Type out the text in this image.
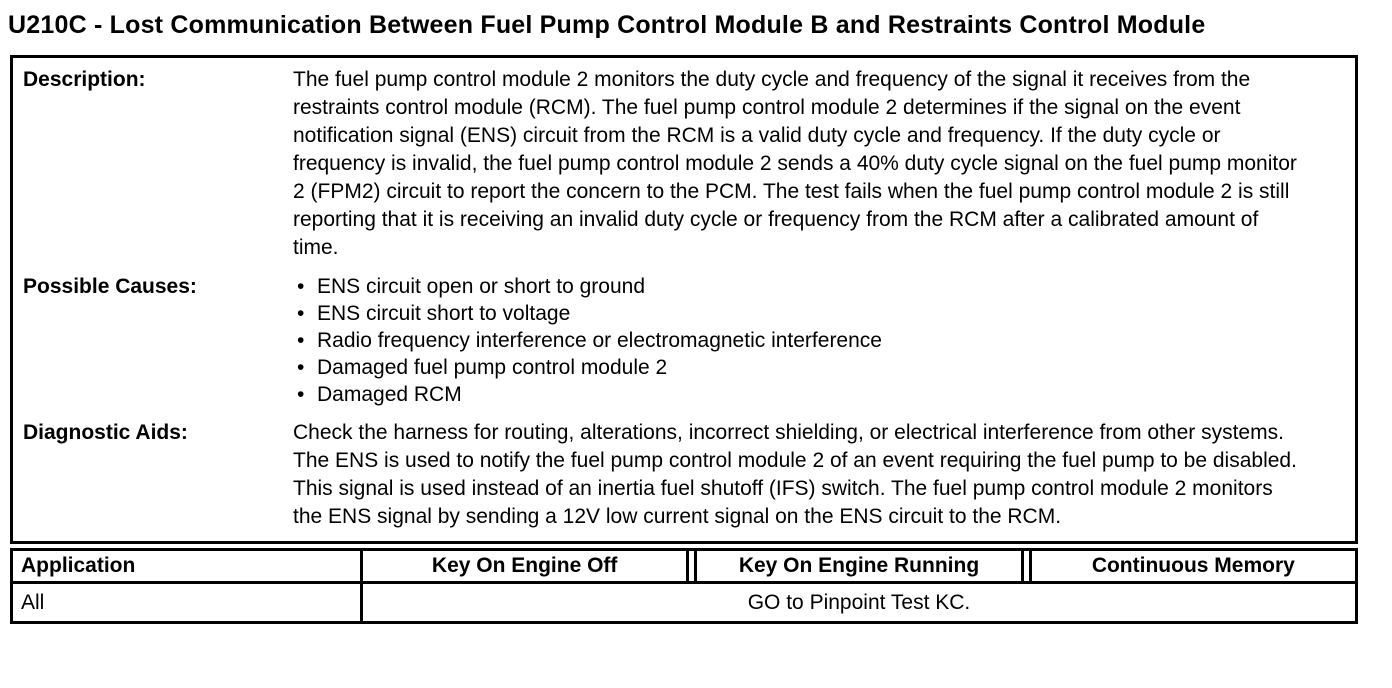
U210C - Lost Communication Between Fuel Pump Control Module B and Restraints Control Module
Description:	The fuel pump control module 2 monitors the duty cycle and frequency of the signal it receives from the restraints control module (RCM). The fuel pump control module 2 determines if the signal on the event notification signal (ENS) circuit from the RCM is a valid duty cycle and frequency. If the duty cycle or frequency is invalid, the fuel pump control module 2 sends a 40% duty cycle signal on the fuel pump monitor 2 (FPM2) circuit to report the concern to the PCM. The test fails when the fuel pump control module 2 is still reporting that it is receiving an invalid duty cycle or frequency from the RCM after a calibrated amount of time.
Possible Causes:	• ENS circuit open or short to ground
• ENS circuit short to voltage
• Radio frequency interference or electromagnetic interference
• Damaged fuel pump control module 2
• Damaged RCM
Diagnostic Aids:	Check the harness for routing, alterations, incorrect shielding, or electrical interference from other systems. The ENS is used to notify the fuel pump control module 2 of an event requiring the fuel pump to be disabled. This signal is used instead of an inertia fuel shutoff (IFS) switch. The fuel pump control module 2 monitors the ENS signal by sending a 12V low current signal on the ENS circuit to the RCM.
Application	Key On Engine Off	Key On Engine Running	Continuous Memory
All	GO to Pinpoint Test KC.
